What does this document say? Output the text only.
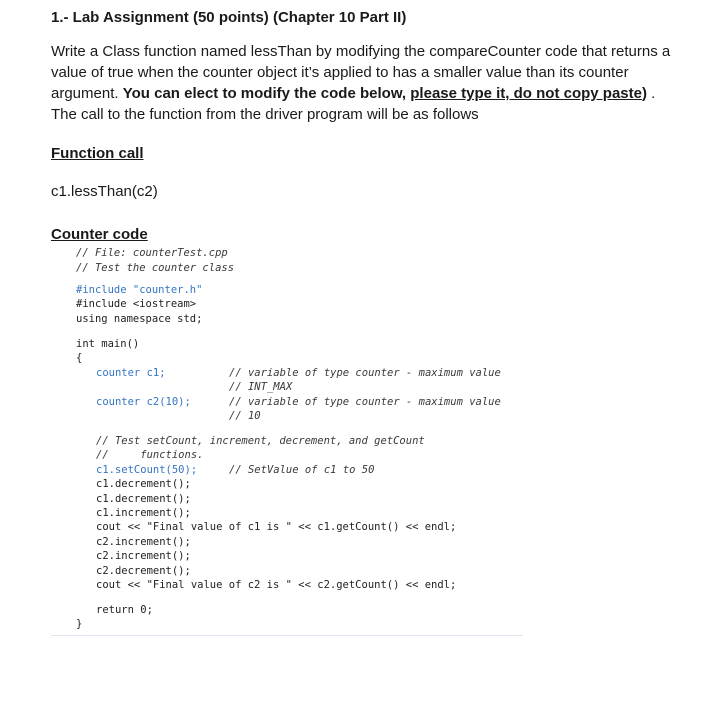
1.- Lab Assignment (50 points) (Chapter 10 Part II)
Write a Class function named lessThan by modifying the compareCounter code that returns a value of true when the counter object it’s applied to has a smaller value than its counter argument. You can elect to modify the code below, please type it, do not copy paste) . The call to the function from the driver program will be as follows
Function call
c1.lessThan(c2)
Counter code
// File: counterTest.cpp
// Test the counter class
#include "counter.h"
#include <iostream>
using namespace std;
int main()
{
counter c1;	// variable of type counter - maximum value
// INT_MAX
counter c2(10);	// variable of type counter - maximum value
// 10
// Test setCount, increment, decrement, and getCount
//     functions.
c1.setCount(50);	// SetValue of c1 to 50
c1.decrement();
c1.decrement();
c1.increment();
cout << "Final value of c1 is " << c1.getCount() << endl;
c2.increment();
c2.increment();
c2.decrement();
cout << "Final value of c2 is " << c2.getCount() << endl;
return 0;
}
